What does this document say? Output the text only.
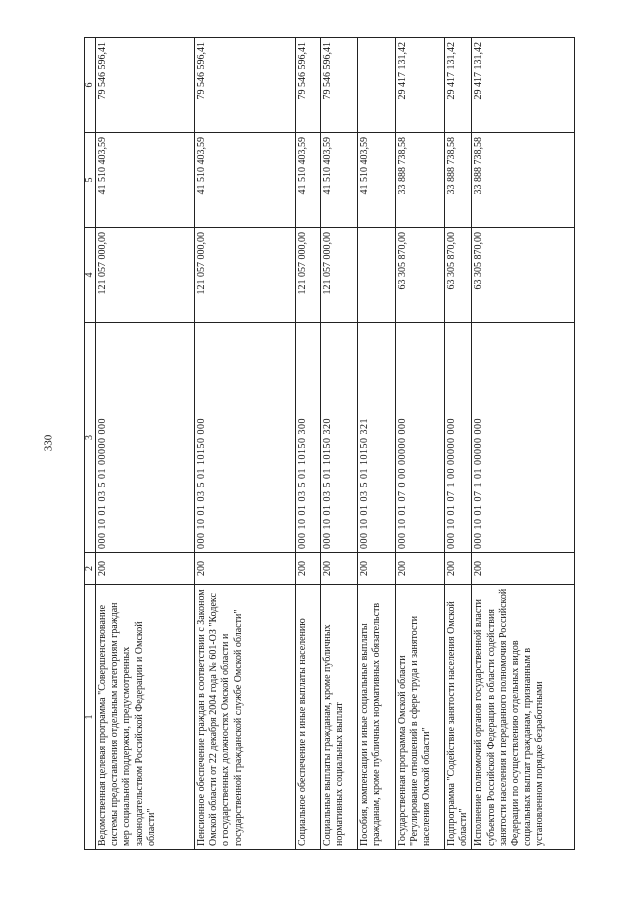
330
1	2	3	4	5	6
Ведомственная целевая программа "Совершенствование системы предоставления отдельным категориям граждан мер социальной поддержки, предусмотренных законодательством Российской Федерации и Омской области"	200	000 10 01 03 5 01 00000 000	121 057 000,00	41 510 403,59	79 546 596,41
Пенсионное обеспечение граждан в соответствии с Законом Омской области от 22 декабря 2004 года № 601-ОЗ "Кодекс о государственных должностях Омской области и государственной гражданской службе Омской области"	200	000 10 01 03 5 01 10150 000	121 057 000,00	41 510 403,59	79 546 596,41
Социальное обеспечение и иные выплаты населению	200	000 10 01 03 5 01 10150 300	121 057 000,00	41 510 403,59	79 546 596,41
Социальные выплаты гражданам, кроме публичных нормативных социальных выплат	200	000 10 01 03 5 01 10150 320	121 057 000,00	41 510 403,59	79 546 596,41
Пособия, компенсации и иные социальные выплаты гражданам, кроме публичных нормативных обязательств	200	000 10 01 03 5 01 10150 321		41 510 403,59	
Государственная программа Омской области "Регулирование отношений в сфере труда и занятости населения Омской области"	200	000 10 01 07 0 00 00000 000	63 305 870,00	33 888 738,58	29 417 131,42
Подпрограмма "Содействие занятости населения Омской области"	200	000 10 01 07 1 00 00000 000	63 305 870,00	33 888 738,58	29 417 131,42
Исполнение полномочий органов государственной власти субъектов Российской Федерации в области содействия занятости населения и переданного полномочия Российской Федерации по осуществлению отдельных видов социальных выплат гражданам, признанным в установленном порядке безработными	200	000 10 01 07 1 01 00000 000	63 305 870,00	33 888 738,58	29 417 131,42
